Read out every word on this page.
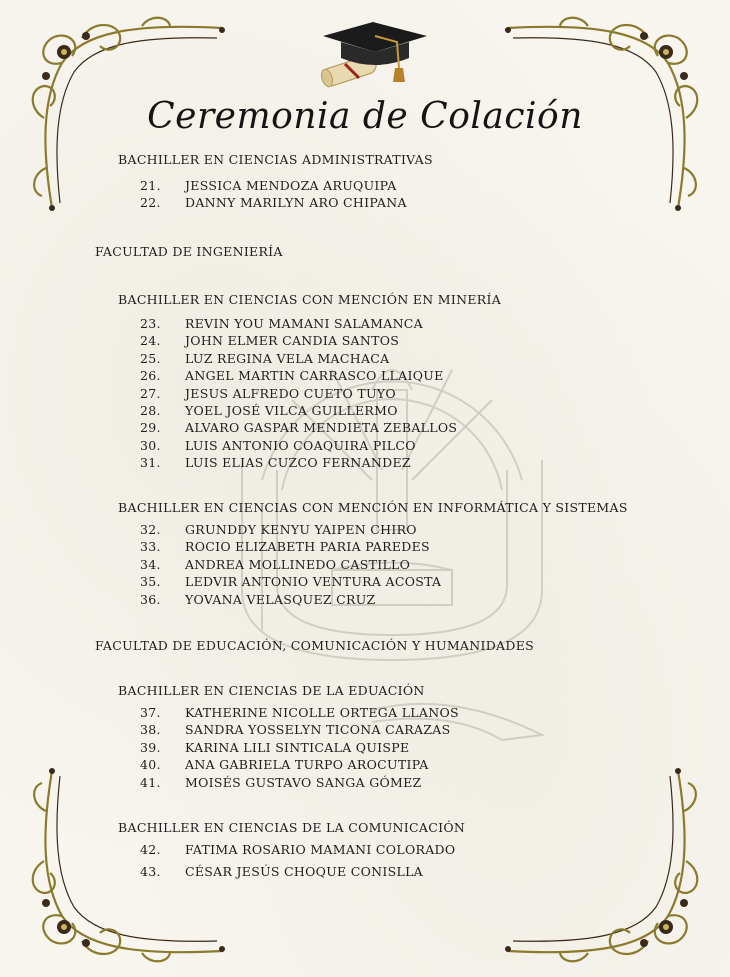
Ceremonia de Colación
BACHILLER EN CIENCIAS ADMINISTRATIVAS
21.	JESSICA MENDOZA ARUQUIPA
22.	DANNY MARILYN ARO CHIPANA
FACULTAD DE INGENIERÍA
BACHILLER EN CIENCIAS CON MENCIÓN EN MINERÍA
23.	REVIN YOU MAMANI SALAMANCA
24.	JOHN ELMER CANDIA SANTOS
25.	LUZ REGINA VELA MACHACA
26.	ANGEL MARTIN CARRASCO LLAIQUE
27.	JESUS ALFREDO CUETO TUYO
28.	YOEL JOSÉ VILCA GUILLERMO
29.	ALVARO GASPAR MENDIETA ZEBALLOS
30.	LUIS ANTONIO COAQUIRA PILCO
31.	LUIS ELIAS CUZCO FERNANDEZ
BACHILLER EN CIENCIAS CON MENCIÓN EN INFORMÁTICA Y SISTEMAS
32.	GRUNDDY KENYU YAIPEN CHIRO
33.	ROCIO ELIZABETH PARIA PAREDES
34.	ANDREA MOLLINEDO CASTILLO
35.	LEDVIR ANTONIO VENTURA ACOSTA
36.	YOVANA VELASQUEZ CRUZ
FACULTAD DE EDUCACIÓN, COMUNICACIÓN Y HUMANIDADES
BACHILLER EN CIENCIAS DE LA EDUACIÓN
37.	KATHERINE NICOLLE ORTEGA LLANOS
38.	SANDRA YOSSELYN TICONA CARAZAS
39.	KARINA LILI SINTICALA QUISPE
40.	ANA GABRIELA TURPO AROCUTIPA
41.	MOISÉS GUSTAVO SANGA GÓMEZ
BACHILLER EN CIENCIAS DE LA COMUNICACIÓN
42.	FATIMA ROSARIO MAMANI COLORADO
43.	CÉSAR JESÚS CHOQUE CONISLLA
